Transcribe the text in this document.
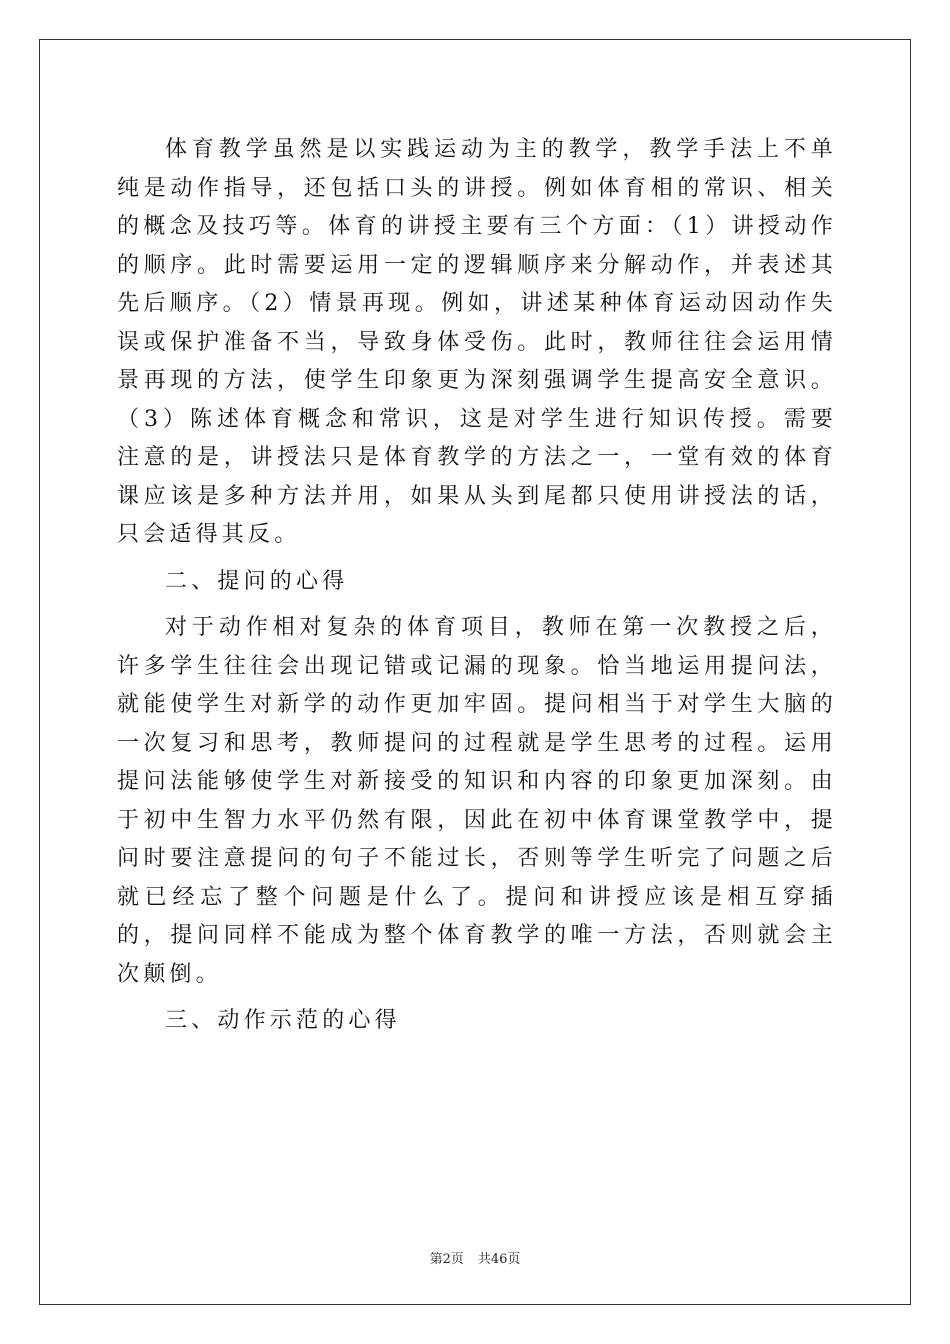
体育教学虽然是以实践运动为主的教学，教学手法上不单纯是动作指导，还包括口头的讲授。例如体育相的常识、相关的概念及技巧等。体育的讲授主要有三个方面：（1）讲授动作的顺序。此时需要运用一定的逻辑顺序来分解动作，并表述其先后顺序。（2）情景再现。例如，讲述某种体育运动因动作失误或保护准备不当，导致身体受伤。此时，教师往往会运用情景再现的方法，使学生印象更为深刻强调学生提高安全意识。（3）陈述体育概念和常识，这是对学生进行知识传授。需要注意的是，讲授法只是体育教学的方法之一，一堂有效的体育课应该是多种方法并用，如果从头到尾都只使用讲授法的话，只会适得其反。

二、提问的心得

对于动作相对复杂的体育项目，教师在第一次教授之后，许多学生往往会出现记错或记漏的现象。恰当地运用提问法，就能使学生对新学的动作更加牢固。提问相当于对学生大脑的一次复习和思考，教师提问的过程就是学生思考的过程。运用提问法能够使学生对新接受的知识和内容的印象更加深刻。由于初中生智力水平仍然有限，因此在初中体育课堂教学中，提问时要注意提问的句子不能过长，否则等学生听完了问题之后就已经忘了整个问题是什么了。提问和讲授应该是相互穿插的，提问同样不能成为整个体育教学的唯一方法，否则就会主次颠倒。

三、动作示范的心得

第2页 共46页
